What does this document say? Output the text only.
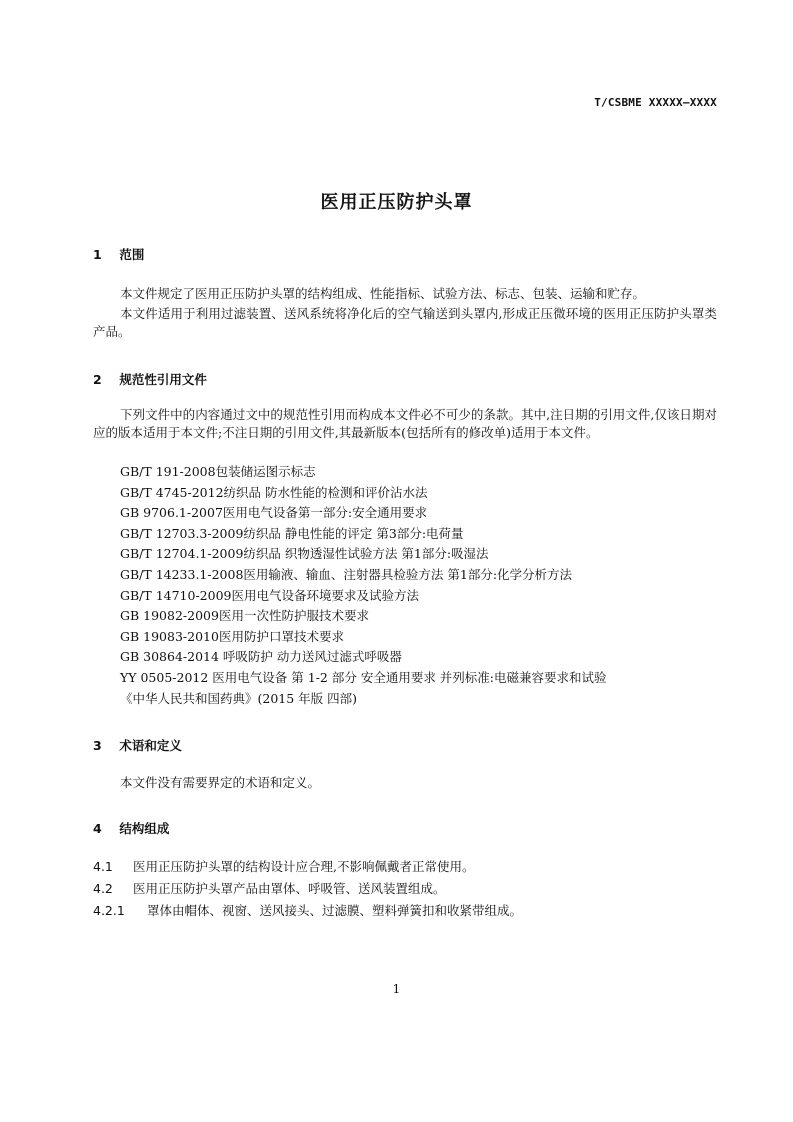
T/CSBME XXXXX—XXXX
医用正压防护头罩
1 范围
本文件规定了医用正压防护头罩的结构组成、性能指标、试验方法、标志、包装、运输和贮存。
本文件适用于利用过滤装置、送风系统将净化后的空气输送到头罩内,形成正压微环境的医用正压防护头罩类产品。
2 规范性引用文件
下列文件中的内容通过文中的规范性引用而构成本文件必不可少的条款。其中,注日期的引用文件,仅该日期对应的版本适用于本文件;不注日期的引用文件,其最新版本(包括所有的修改单)适用于本文件。
GB/T 191-2008包装储运图示标志
GB/T 4745-2012纺织品 防水性能的检测和评价沾水法
GB 9706.1-2007医用电气设备第一部分:安全通用要求
GB/T 12703.3-2009纺织品 静电性能的评定 第3部分:电荷量
GB/T 12704.1-2009纺织品 织物透湿性试验方法 第1部分:吸湿法
GB/T 14233.1-2008医用输液、输血、注射器具检验方法 第1部分:化学分析方法
GB/T 14710-2009医用电气设备环境要求及试验方法
GB 19082-2009医用一次性防护服技术要求
GB 19083-2010医用防护口罩技术要求
GB 30864-2014 呼吸防护 动力送风过滤式呼吸器
YY 0505-2012 医用电气设备 第 1-2 部分 安全通用要求 并列标准:电磁兼容要求和试验
《中华人民共和国药典》(2015 年版 四部)
3 术语和定义
本文件没有需要界定的术语和定义。
4 结构组成
4.1 医用正压防护头罩的结构设计应合理,不影响佩戴者正常使用。
4.2 医用正压防护头罩产品由罩体、呼吸管、送风装置组成。
4.2.1 罩体由帽体、视窗、送风接头、过滤膜、塑料弹簧扣和收紧带组成。
1
